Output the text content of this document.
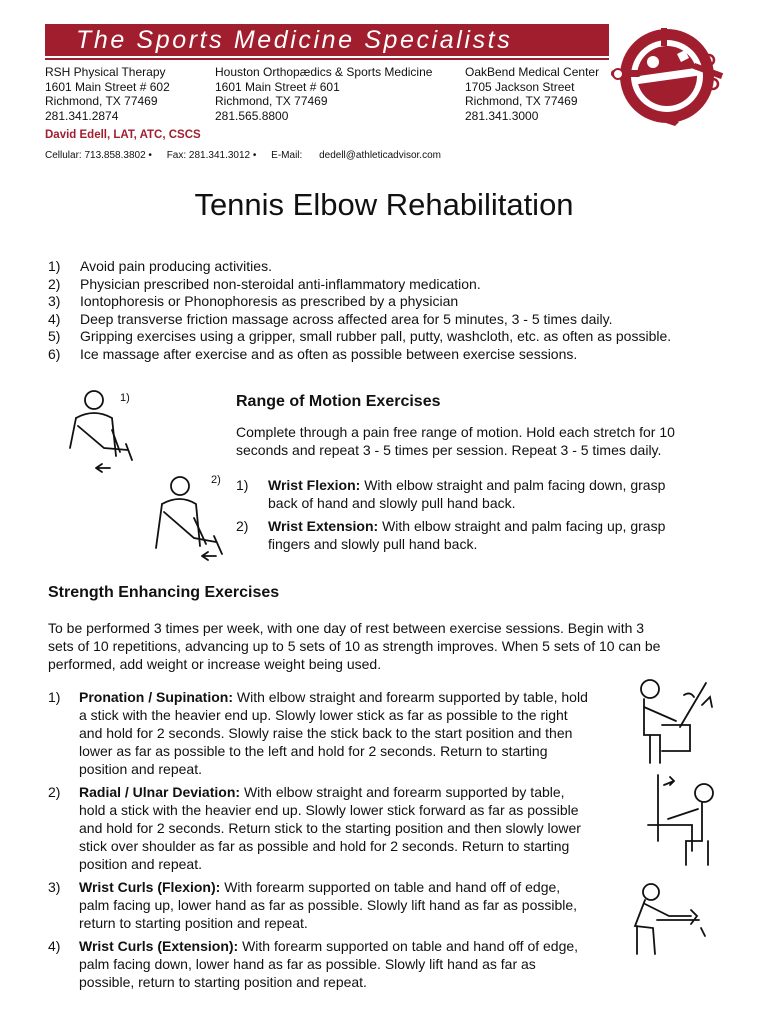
The Sports Medicine Specialists
RSH Physical Therapy
1601 Main Street # 602
Richmond, TX 77469
281.341.2874
Houston Orthopædics & Sports Medicine
1601 Main Street # 601
Richmond, TX 77469
281.565.8800
OakBend Medical Center
1705 Jackson Street
Richmond, TX 77469
281.341.3000
David Edell, LAT, ATC, CSCS
Cellular: 713.858.3802 • Fax: 281.341.3012 • E-Mail: dedell@athleticadvisor.com
Tennis Elbow Rehabilitation
1)	Avoid pain producing activities.
2)	Physician prescribed non-steroidal anti-inflammatory medication.
3)	Iontophoresis or Phonophoresis as prescribed by a physician
4)	Deep transverse friction massage across affected area for 5 minutes, 3 - 5 times daily.
5)	Gripping exercises using a gripper, small rubber pall, putty, washcloth, etc. as often as possible.
6)	Ice massage after exercise and as often as possible between exercise sessions.
1)
2)
Range of Motion Exercises
Complete through a pain free range of motion. Hold each stretch for 10
seconds and repeat 3 - 5 times per session. Repeat 3 - 5 times daily.
1) Wrist Flexion: With elbow straight and palm facing down, grasp
back of hand and slowly pull hand back.
2) Wrist Extension: With elbow straight and palm facing up, grasp
fingers and slowly pull hand back.
Strength Enhancing Exercises
To be performed 3 times per week, with one day of rest between exercise sessions. Begin with 3
sets of 10 repetitions, advancing up to 5 sets of 10 as strength improves. When 5 sets of 10 can be
performed, add weight or increase weight being used.
1) Pronation / Supination: With elbow straight and forearm supported by table, hold
a stick with the heavier end up. Slowly lower stick as far as possible to the right
and hold for 2 seconds. Slowly raise the stick back to the start position and then
lower as far as possible to the left and hold for 2 seconds. Return to starting
position and repeat.
2) Radial / Ulnar Deviation: With elbow straight and forearm supported by table,
hold a stick with the heavier end up. Slowly lower stick forward as far as possible
and hold for 2 seconds. Return stick to the starting position and then slowly lower
stick over shoulder as far as possible and hold for 2 seconds. Return to starting
position and repeat.
3) Wrist Curls (Flexion): With forearm supported on table and hand off of edge,
palm facing up, lower hand as far as possible. Slowly lift hand as far as possible,
return to starting position and repeat.
4) Wrist Curls (Extension): With forearm supported on table and hand off of edge,
palm facing down, lower hand as far as possible. Slowly lift hand as far as
possible, return to starting position and repeat.
